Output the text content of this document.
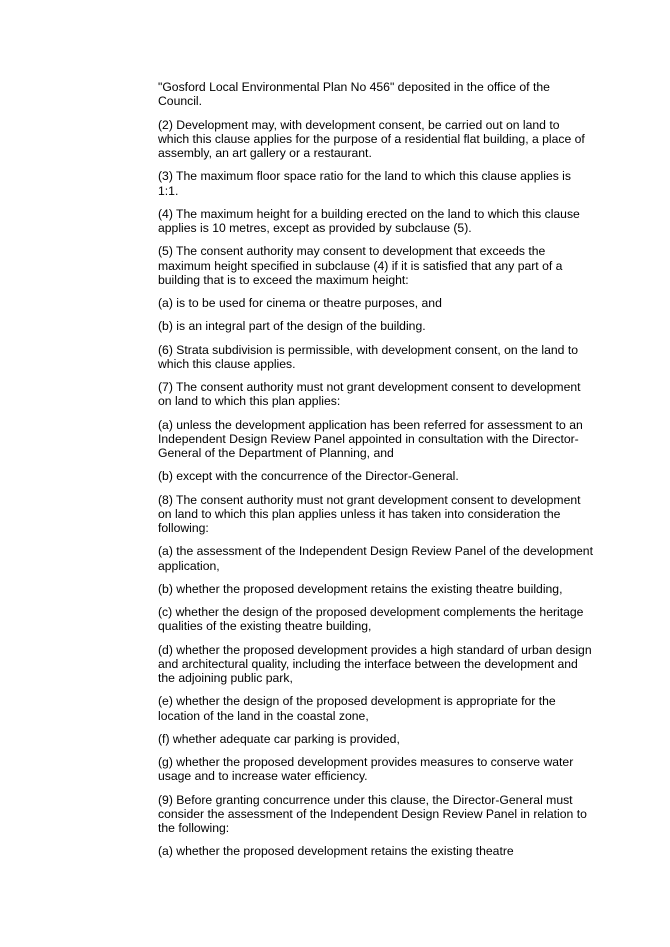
"Gosford Local Environmental Plan No 456" deposited in the office of the Council.

(2) Development may, with development consent, be carried out on land to which this clause applies for the purpose of a residential flat building, a place of assembly, an art gallery or a restaurant.

(3) The maximum floor space ratio for the land to which this clause applies is 1:1.

(4) The maximum height for a building erected on the land to which this clause applies is 10 metres, except as provided by subclause (5).

(5) The consent authority may consent to development that exceeds the maximum height specified in subclause (4) if it is satisfied that any part of a building that is to exceed the maximum height:

(a) is to be used for cinema or theatre purposes, and

(b) is an integral part of the design of the building.

(6) Strata subdivision is permissible, with development consent, on the land to which this clause applies.

(7) The consent authority must not grant development consent to development on land to which this plan applies:

(a) unless the development application has been referred for assessment to an Independent Design Review Panel appointed in consultation with the Director-General of the Department of Planning, and

(b) except with the concurrence of the Director-General.

(8) The consent authority must not grant development consent to development on land to which this plan applies unless it has taken into consideration the following:

(a) the assessment of the Independent Design Review Panel of the development application,

(b) whether the proposed development retains the existing theatre building,

(c) whether the design of the proposed development complements the heritage qualities of the existing theatre building,

(d) whether the proposed development provides a high standard of urban design and architectural quality, including the interface between the development and the adjoining public park,

(e) whether the design of the proposed development is appropriate for the location of the land in the coastal zone,

(f) whether adequate car parking is provided,

(g) whether the proposed development provides measures to conserve water usage and to increase water efficiency.

(9) Before granting concurrence under this clause, the Director-General must consider the assessment of the Independent Design Review Panel in relation to the following:

(a) whether the proposed development retains the existing theatre
